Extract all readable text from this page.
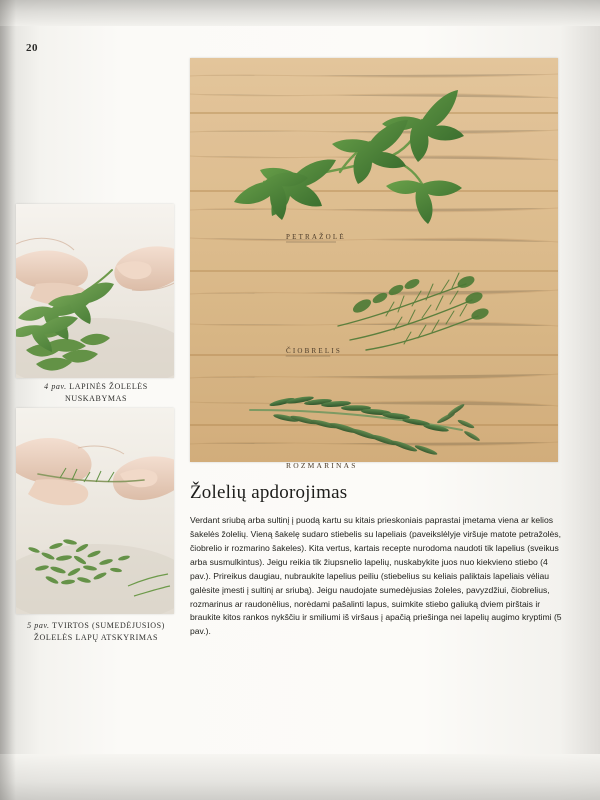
20
PETRAŽOLĖ
ČIOBRELIS
ROZMARINAS
4 pav. LAPINĖS ŽOLELĖS NUSKABYMAS
5 pav. TVIRTOS (SUMEDĖJUSIOS) ŽOLELĖS LAPŲ ATSKYRIMAS
Žolelių apdorojimas

Verdant sriubą arba sultinį į puodą kartu su kitais prieskoniais paprastai įmetama viena ar kelios šakelės žolelių. Vieną šakelę sudaro stiebelis su lapeliais (paveikslėlyje viršuje matote petražolės, čiobrelio ir rozmarino šakeles). Kita vertus, kartais recepte nurodoma naudoti tik lapelius (sveikus arba susmulkintus). Jeigu reikia tik žiupsnelio lapelių, nuskabykite juos nuo kiekvieno stiebo (4 pav.). Prireikus daugiau, nubraukite lapelius peiliu (stiebelius su keliais paliktais lapeliais vėliau galėsite įmesti į sultinį ar sriubą). Jeigu naudojate sumedėjusias žoleles, pavyzdžiui, čiobrelius, rozmarinus ar raudonėlius, norėdami pašalinti lapus, suimkite stiebo galiuką dviem pirštais ir braukite kitos rankos nykščiu ir smiliumi iš viršaus į apačią priešinga nei lapelių augimo kryptimi (5 pav.).
